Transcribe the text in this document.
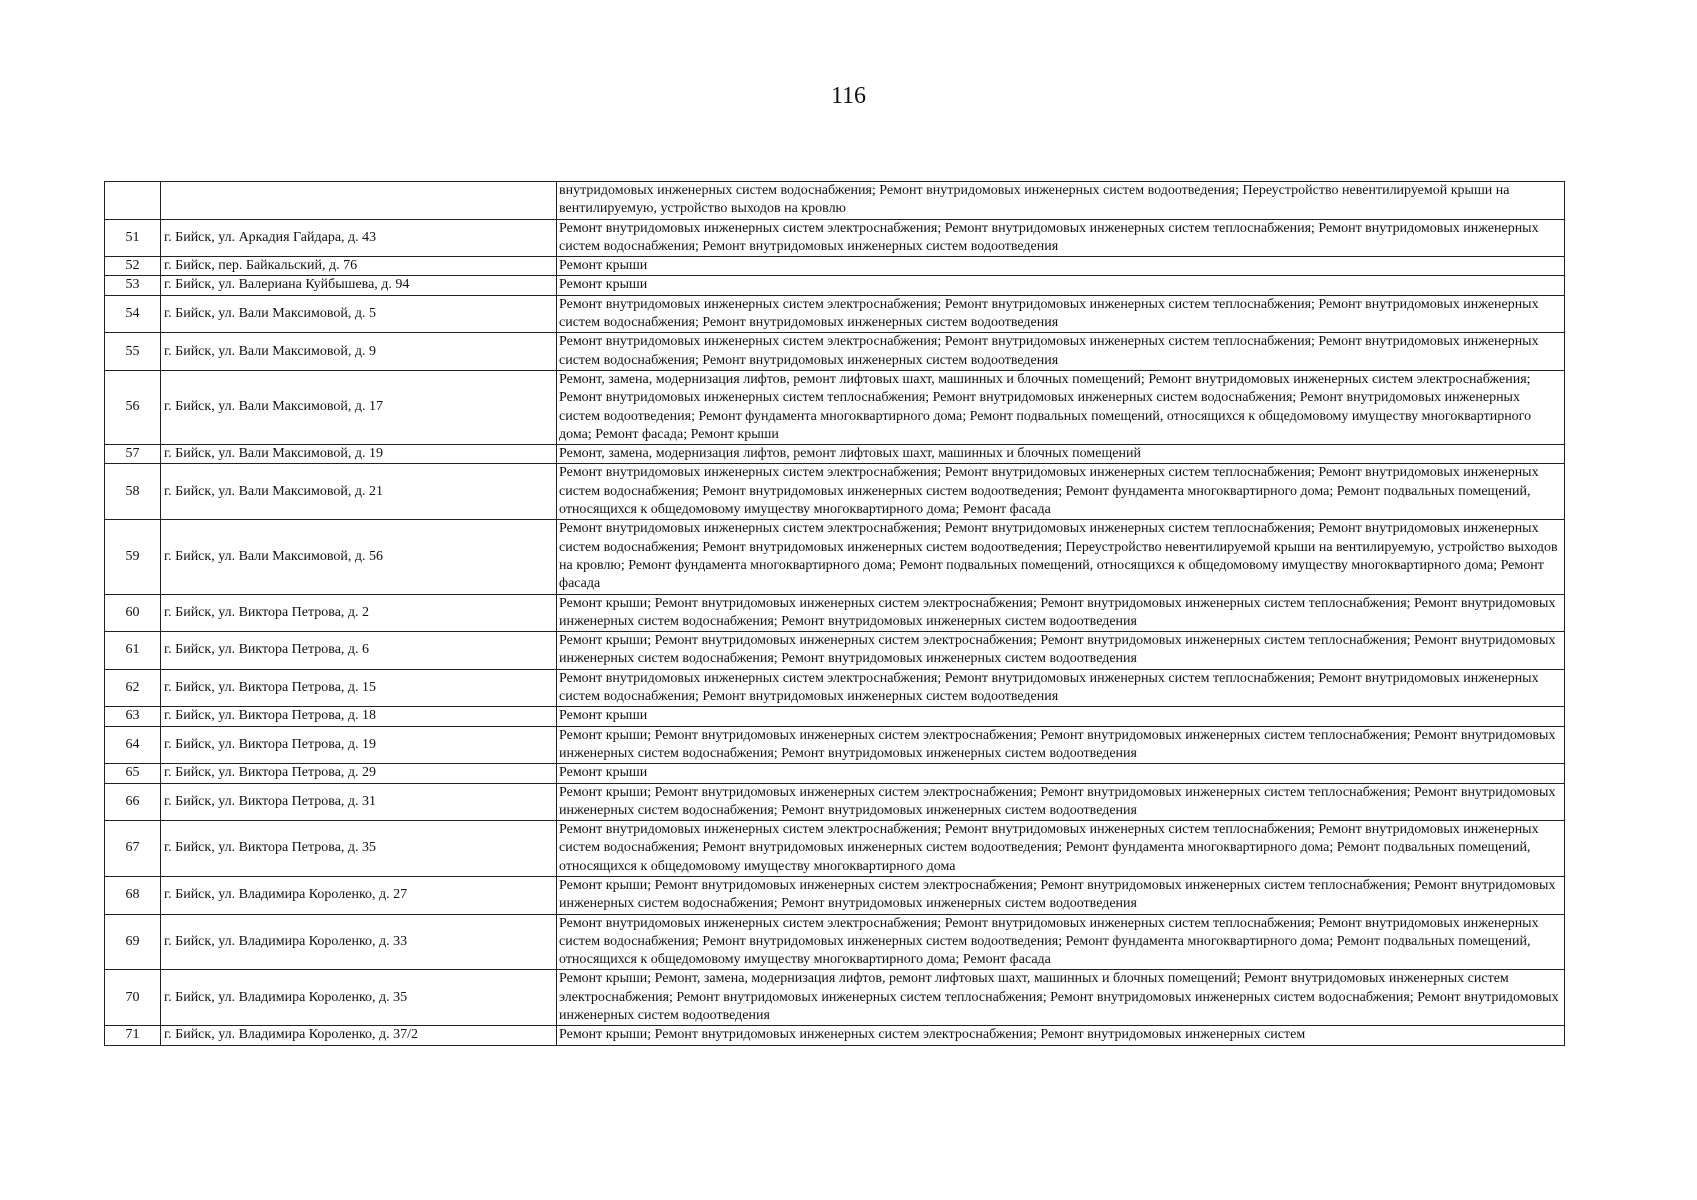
116
		внутридомовых инженерных систем водоснабжения; Ремонт внутридомовых инженерных систем водоотведения; Переустройство невентилируемой крыши на вентилируемую, устройство выходов на кровлю
51	г. Бийск, ул. Аркадия Гайдара, д. 43	Ремонт внутридомовых инженерных систем электроснабжения; Ремонт внутридомовых инженерных систем теплоснабжения; Ремонт внутридомовых инженерных систем водоснабжения; Ремонт внутридомовых инженерных систем водоотведения
52	г. Бийск, пер. Байкальский, д. 76	Ремонт крыши
53	г. Бийск, ул. Валериана Куйбышева, д. 94	Ремонт крыши
54	г. Бийск, ул. Вали Максимовой, д. 5	Ремонт внутридомовых инженерных систем электроснабжения; Ремонт внутридомовых инженерных систем теплоснабжения; Ремонт внутридомовых инженерных систем водоснабжения; Ремонт внутридомовых инженерных систем водоотведения
55	г. Бийск, ул. Вали Максимовой, д. 9	Ремонт внутридомовых инженерных систем электроснабжения; Ремонт внутридомовых инженерных систем теплоснабжения; Ремонт внутридомовых инженерных систем водоснабжения; Ремонт внутридомовых инженерных систем водоотведения
56	г. Бийск, ул. Вали Максимовой, д. 17	Ремонт, замена, модернизация лифтов, ремонт лифтовых шахт, машинных и блочных помещений; Ремонт внутридомовых инженерных систем электроснабжения; Ремонт внутридомовых инженерных систем теплоснабжения; Ремонт внутридомовых инженерных систем водоснабжения; Ремонт внутридомовых инженерных систем водоотведения; Ремонт фундамента многоквартирного дома; Ремонт подвальных помещений, относящихся к общедомовому имуществу многоквартирного дома; Ремонт фасада; Ремонт крыши
57	г. Бийск, ул. Вали Максимовой, д. 19	Ремонт, замена, модернизация лифтов, ремонт лифтовых шахт, машинных и блочных помещений
58	г. Бийск, ул. Вали Максимовой, д. 21	Ремонт внутридомовых инженерных систем электроснабжения; Ремонт внутридомовых инженерных систем теплоснабжения; Ремонт внутридомовых инженерных систем водоснабжения; Ремонт внутридомовых инженерных систем водоотведения; Ремонт фундамента многоквартирного дома; Ремонт подвальных помещений, относящихся к общедомовому имуществу многоквартирного дома; Ремонт фасада
59	г. Бийск, ул. Вали Максимовой, д. 56	Ремонт внутридомовых инженерных систем электроснабжения; Ремонт внутридомовых инженерных систем теплоснабжения; Ремонт внутридомовых инженерных систем водоснабжения; Ремонт внутридомовых инженерных систем водоотведения; Переустройство невентилируемой крыши на вентилируемую, устройство выходов на кровлю; Ремонт фундамента многоквартирного дома; Ремонт подвальных помещений, относящихся к общедомовому имуществу многоквартирного дома; Ремонт фасада
60	г. Бийск, ул. Виктора Петрова, д. 2	Ремонт крыши; Ремонт внутридомовых инженерных систем электроснабжения; Ремонт внутридомовых инженерных систем теплоснабжения; Ремонт внутридомовых инженерных систем водоснабжения; Ремонт внутридомовых инженерных систем водоотведения
61	г. Бийск, ул. Виктора Петрова, д. 6	Ремонт крыши; Ремонт внутридомовых инженерных систем электроснабжения; Ремонт внутридомовых инженерных систем теплоснабжения; Ремонт внутридомовых инженерных систем водоснабжения; Ремонт внутридомовых инженерных систем водоотведения
62	г. Бийск, ул. Виктора Петрова, д. 15	Ремонт внутридомовых инженерных систем электроснабжения; Ремонт внутридомовых инженерных систем теплоснабжения; Ремонт внутридомовых инженерных систем водоснабжения; Ремонт внутридомовых инженерных систем водоотведения
63	г. Бийск, ул. Виктора Петрова, д. 18	Ремонт крыши
64	г. Бийск, ул. Виктора Петрова, д. 19	Ремонт крыши; Ремонт внутридомовых инженерных систем электроснабжения; Ремонт внутридомовых инженерных систем теплоснабжения; Ремонт внутридомовых инженерных систем водоснабжения; Ремонт внутридомовых инженерных систем водоотведения
65	г. Бийск, ул. Виктора Петрова, д. 29	Ремонт крыши
66	г. Бийск, ул. Виктора Петрова, д. 31	Ремонт крыши; Ремонт внутридомовых инженерных систем электроснабжения; Ремонт внутридомовых инженерных систем теплоснабжения; Ремонт внутридомовых инженерных систем водоснабжения; Ремонт внутридомовых инженерных систем водоотведения
67	г. Бийск, ул. Виктора Петрова, д. 35	Ремонт внутридомовых инженерных систем электроснабжения; Ремонт внутридомовых инженерных систем теплоснабжения; Ремонт внутридомовых инженерных систем водоснабжения; Ремонт внутридомовых инженерных систем водоотведения; Ремонт фундамента многоквартирного дома; Ремонт подвальных помещений, относящихся к общедомовому имуществу многоквартирного дома
68	г. Бийск, ул. Владимира Короленко, д. 27	Ремонт крыши; Ремонт внутридомовых инженерных систем электроснабжения; Ремонт внутридомовых инженерных систем теплоснабжения; Ремонт внутридомовых инженерных систем водоснабжения; Ремонт внутридомовых инженерных систем водоотведения
69	г. Бийск, ул. Владимира Короленко, д. 33	Ремонт внутридомовых инженерных систем электроснабжения; Ремонт внутридомовых инженерных систем теплоснабжения; Ремонт внутридомовых инженерных систем водоснабжения; Ремонт внутридомовых инженерных систем водоотведения; Ремонт фундамента многоквартирного дома; Ремонт подвальных помещений, относящихся к общедомовому имуществу многоквартирного дома; Ремонт фасада
70	г. Бийск, ул. Владимира Короленко, д. 35	Ремонт крыши; Ремонт, замена, модернизация лифтов, ремонт лифтовых шахт, машинных и блочных помещений; Ремонт внутридомовых инженерных систем электроснабжения; Ремонт внутридомовых инженерных систем теплоснабжения; Ремонт внутридомовых инженерных систем водоснабжения; Ремонт внутридомовых инженерных систем водоотведения
71	г. Бийск, ул. Владимира Короленко, д. 37/2	Ремонт крыши; Ремонт внутридомовых инженерных систем электроснабжения; Ремонт внутридомовых инженерных систем
